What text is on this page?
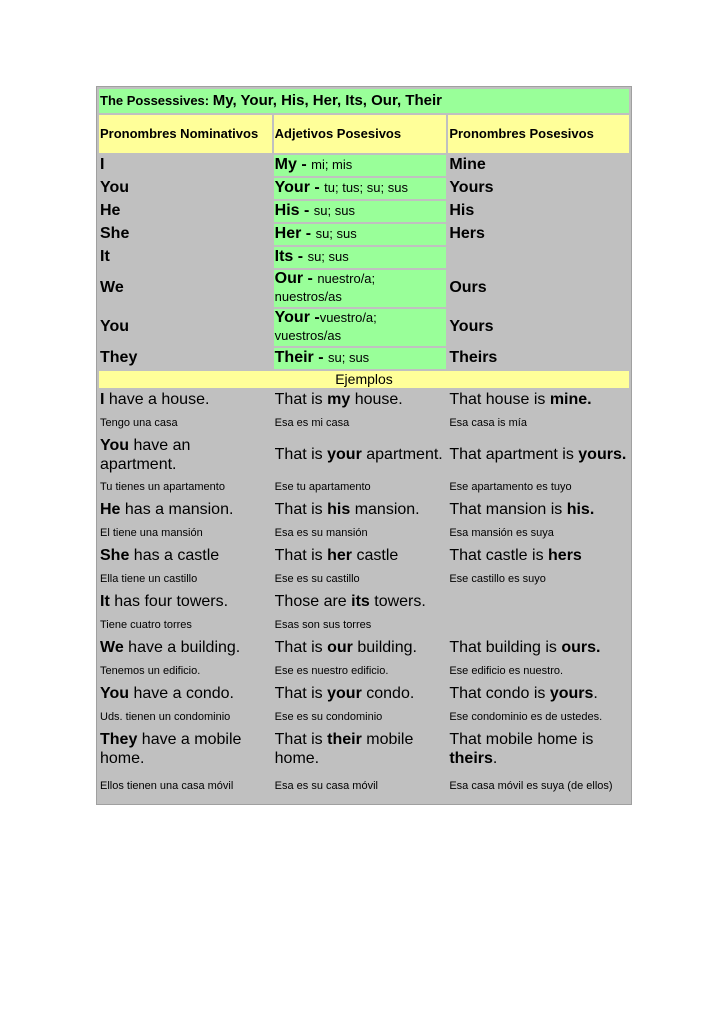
The Possessives: My, Your, His, Her, Its, Our, Their		
Pronombres Nominativos	Adjetivos Posesivos	Pronombres Posesivos
I	My - mi; mis	Mine
You	Your - tu; tus; su; sus	Yours
He	His - su; sus	His
She	Her - su; sus	Hers
It	Its - su; sus	
We	Our - nuestro/a; nuestros/as	Ours
You	Your -vuestro/a; vuestros/as	Yours
They	Their - su; sus	Theirs
Ejemplos		
I have a house.	That is my house.	That house is mine.
Tengo una casa	Esa es mi casa	Esa casa is mía
You have an apartment.	That is your apartment.	That apartment is yours.
Tu tienes un apartamento	Ese tu apartamento	Ese apartamento es tuyo
He has a mansion.	That is his mansion.	That mansion is his.
El tiene una mansión	Esa es su mansión	Esa mansión es suya
She has a castle	That is her castle	That castle is hers
Ella tiene un castillo	Ese es su castillo	Ese castillo es suyo
It has four towers.	Those are its towers.	
Tiene cuatro torres	Esas son sus torres	
We have a building.	That is our building.	That building is ours.
Tenemos un edificio.	Ese es nuestro edificio.	Ese edificio es nuestro.
You have a condo.	That is your condo.	That condo is yours.
Uds. tienen un condominio	Ese es su condominio	Ese condominio es de ustedes.
They have a mobile home.	That is their mobile home.	That mobile home is theirs.
Ellos tienen una casa móvil	Esa es su casa móvil	Esa casa móvil es suya (de ellos)
